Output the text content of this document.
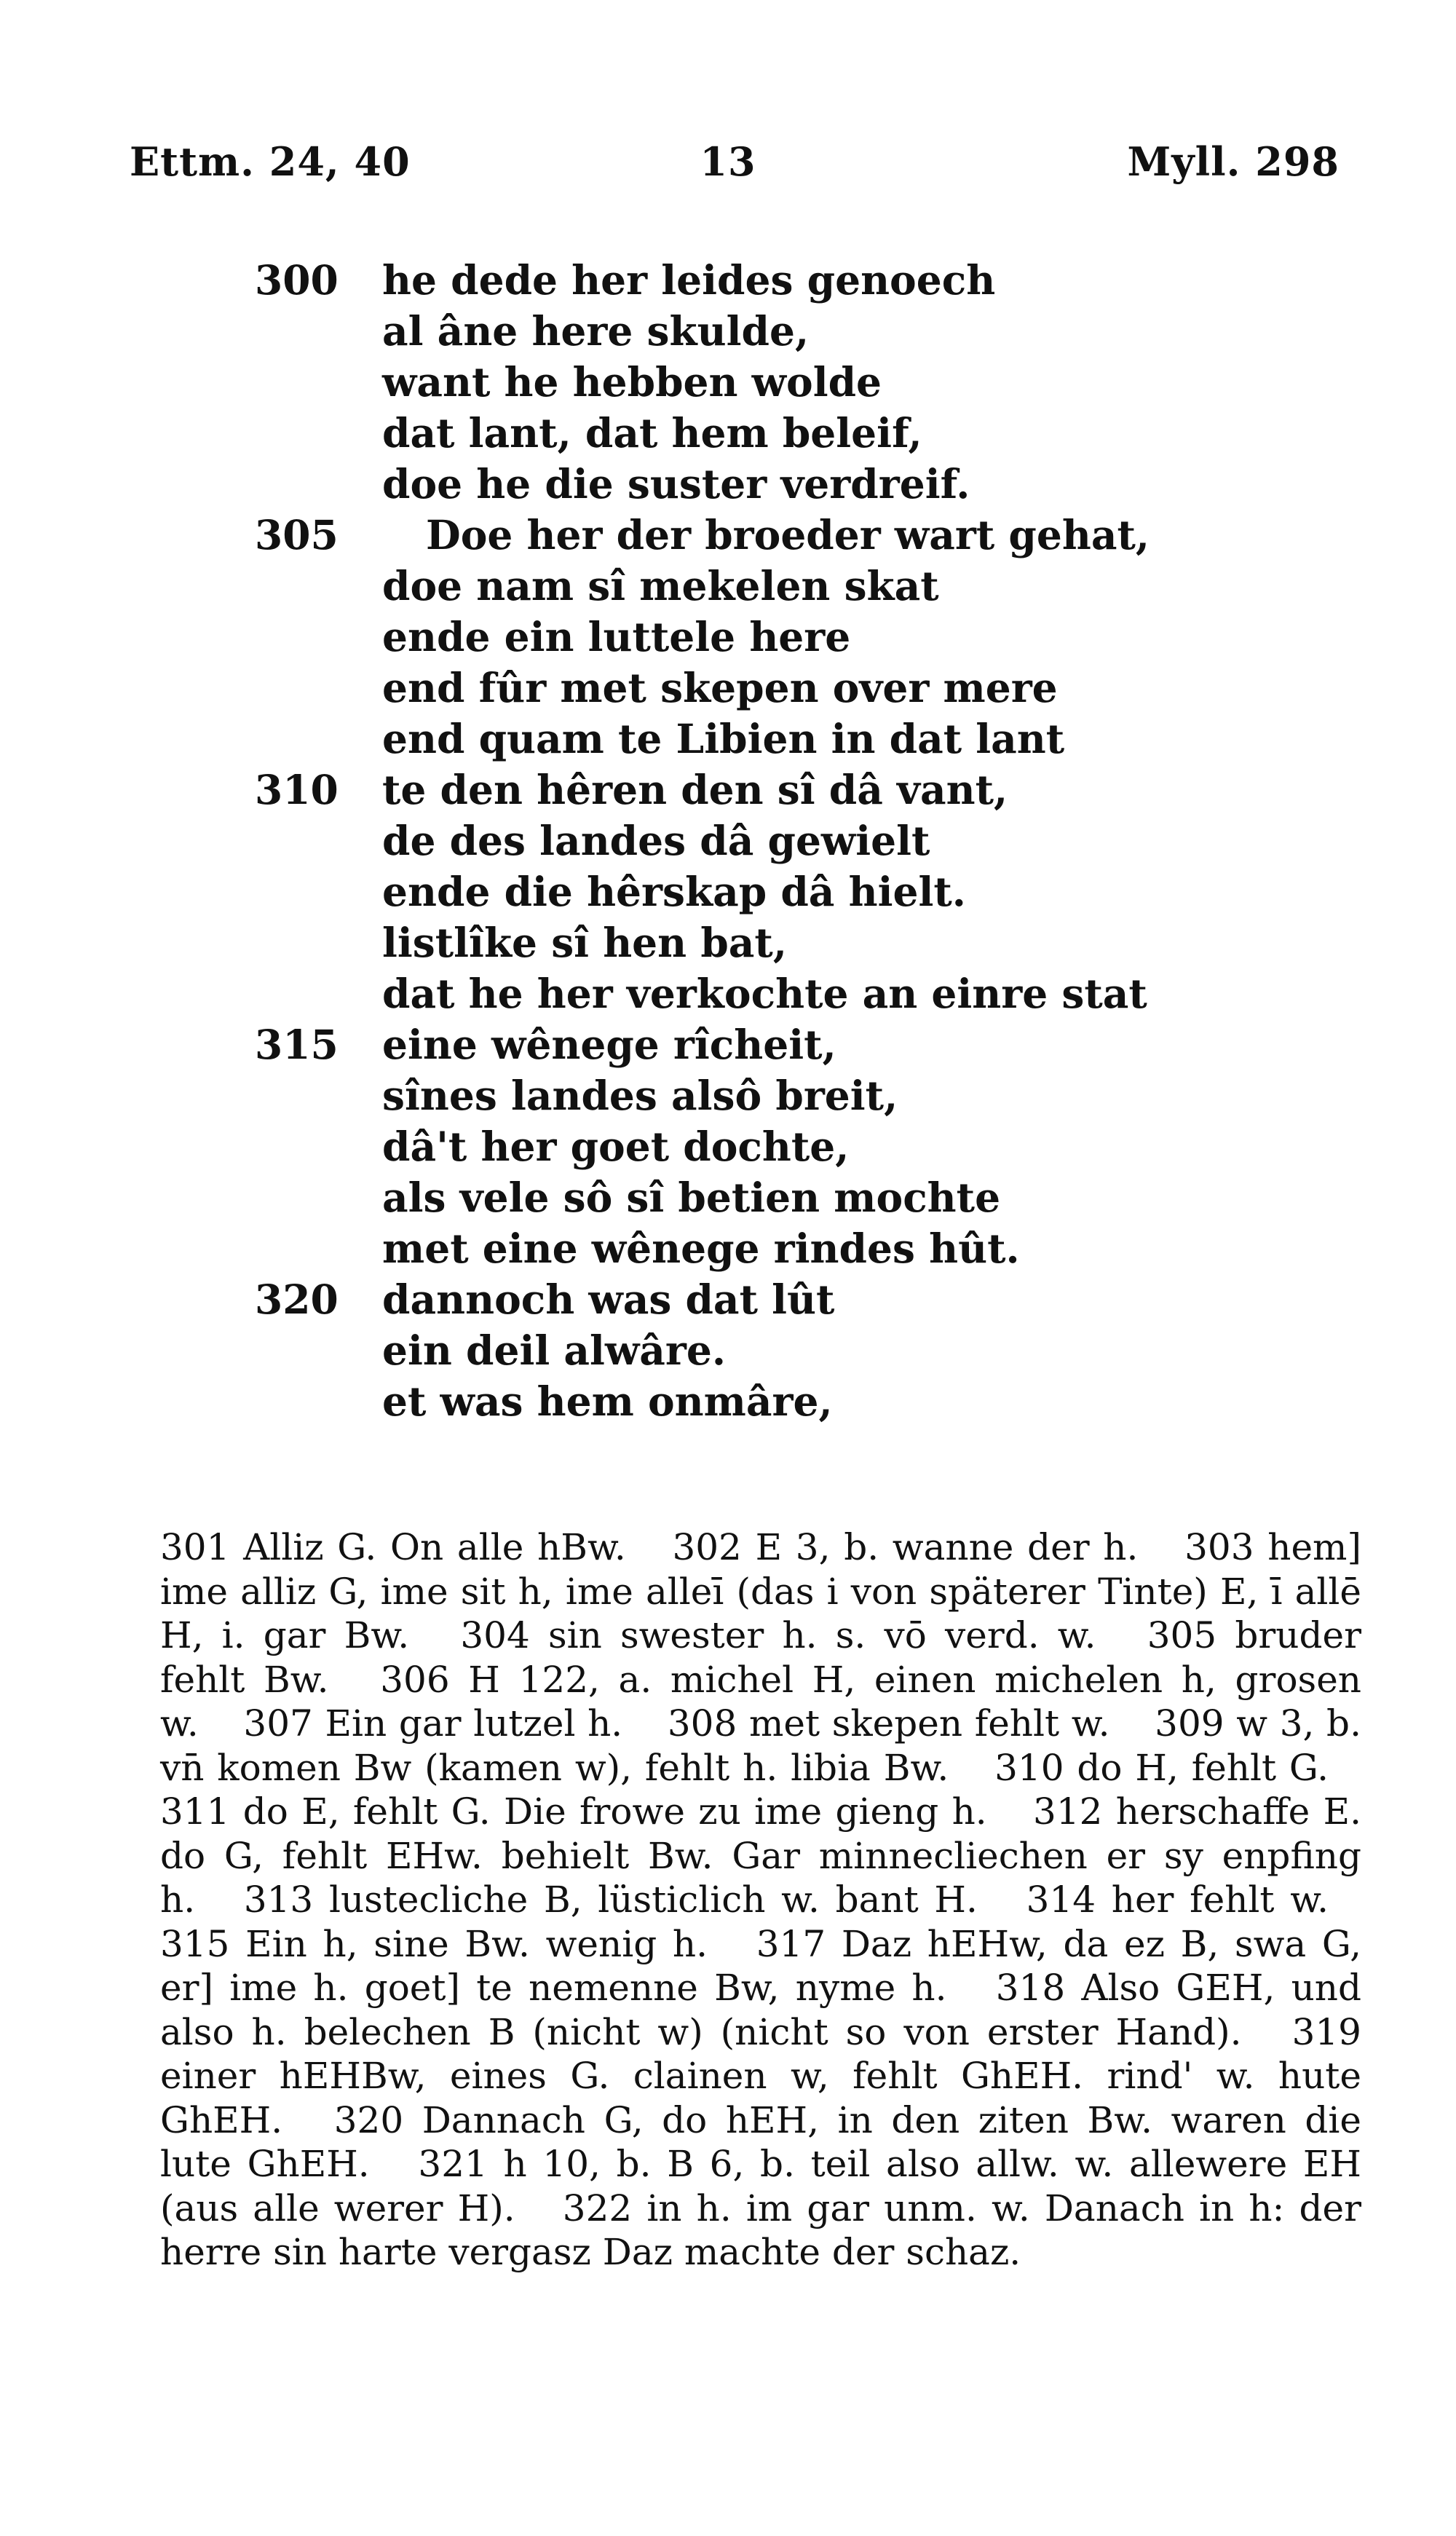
Ettm. 24, 40	13	Myll. 298
300	he dede her leides genoech
al âne here skulde,
want he hebben wolde
dat lant, dat hem beleif,
doe he die suster verdreif.
305	Doe her der broeder wart gehat,
doe nam sî mekelen skat
ende ein luttele here
end fûr met skepen over mere
end quam te Libien in dat lant
310	te den hêren den sî dâ vant,
de des landes dâ gewielt
ende die hêrskap dâ hielt.
listlîke sî hen bat,
dat he her verkochte an einre stat
315	eine wênege rîcheit,
sînes landes alsô breit,
dâ't her goet dochte,
als vele sô sî betien mochte
met eine wênege rindes hût.
320	dannoch was dat lût
ein deil alwâre.
et was hem onmâre,

301 Alliz G. On alle hBw. 302 E 3, b. wanne der h. 303 hem] ime alliz G, ime sit h, ime alleī (das i von späterer Tinte) E, ī allē H, i. gar Bw. 304 sin swester h. s. vō verd. w. 305 bruder fehlt Bw. 306 H 122, a. michel H, einen michelen h, grosen w. 307 Ein gar lutzel h. 308 met skepen fehlt w. 309 w 3, b. vn̄ komen Bw (kamen w), fehlt h. libia Bw. 310 do H, fehlt G. 311 do E, fehlt G. Die frowe zu ime gieng h. 312 herschaffe E. do G, fehlt EHw. behielt Bw. Gar minnecliechen er sy enpfing h. 313 lustecliche B, lüsticlich w. bant H. 314 her fehlt w. 315 Ein h, sine Bw. wenig h. 317 Daz hEHw, da ez B, swa G, er] ime h. goet] te nemenne Bw, nyme h. 318 Also GEH, und also h. belechen B (nicht w) (nicht so von erster Hand). 319 einer hEHBw, eines G. clainen w, fehlt GhEH. rind' w. hute GhEH. 320 Dannach G, do hEH, in den ziten Bw. waren die lute GhEH. 321 h 10, b. B 6, b. teil also allw. w. allewere EH (aus alle werer H). 322 in h. im gar unm. w. Danach in h: der herre sin harte vergasz Daz machte der schaz.
